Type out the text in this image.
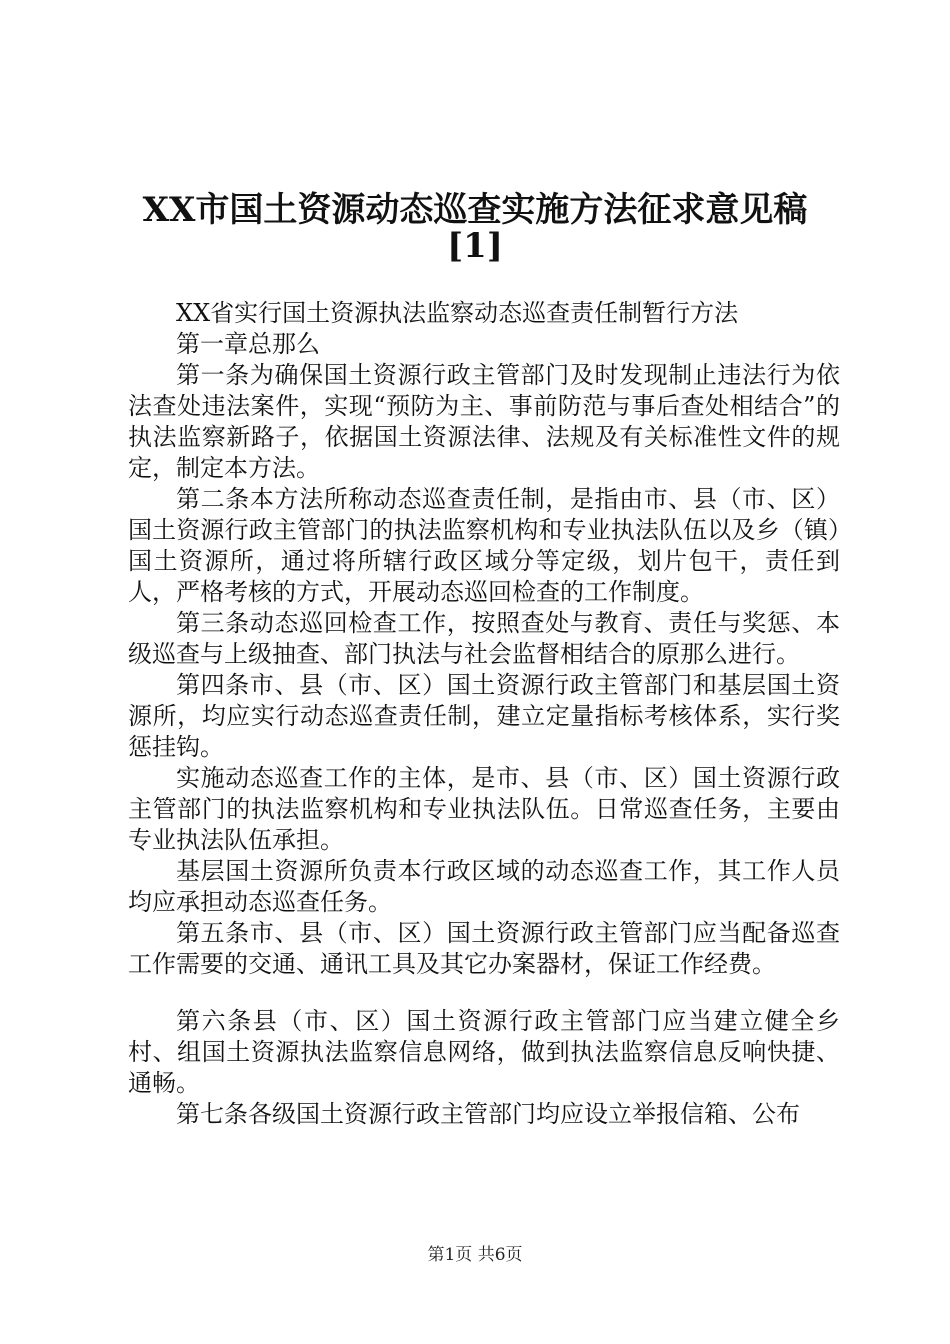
XX市国土资源动态巡查实施方法征求意见稿
[1]

XX省实行国土资源执法监察动态巡查责任制暂行方法

第一章总那么

第一条为确保国土资源行政主管部门及时发现制止违法行为依法查处违法案件，实现“预防为主、事前防范与事后查处相结合”的执法监察新路子，依据国土资源法律、法规及有关标准性文件的规定，制定本方法。

第二条本方法所称动态巡查责任制，是指由市、县（市、区）国土资源行政主管部门的执法监察机构和专业执法队伍以及乡（镇）国土资源所，通过将所辖行政区域分等定级，划片包干，责任到人，严格考核的方式，开展动态巡回检查的工作制度。

第三条动态巡回检查工作，按照查处与教育、责任与奖惩、本级巡查与上级抽查、部门执法与社会监督相结合的原那么进行。

第四条市、县（市、区）国土资源行政主管部门和基层国土资源所，均应实行动态巡查责任制，建立定量指标考核体系，实行奖惩挂钩。

实施动态巡查工作的主体，是市、县（市、区）国土资源行政主管部门的执法监察机构和专业执法队伍。日常巡查任务，主要由专业执法队伍承担。

基层国土资源所负责本行政区域的动态巡查工作，其工作人员均应承担动态巡查任务。

第五条市、县（市、区）国土资源行政主管部门应当配备巡查工作需要的交通、通讯工具及其它办案器材，保证工作经费。

第六条县（市、区）国土资源行政主管部门应当建立健全乡村、组国土资源执法监察信息网络，做到执法监察信息反响快捷、通畅。

第七条各级国土资源行政主管部门均应设立举报信箱、公布

第1页 共6页
